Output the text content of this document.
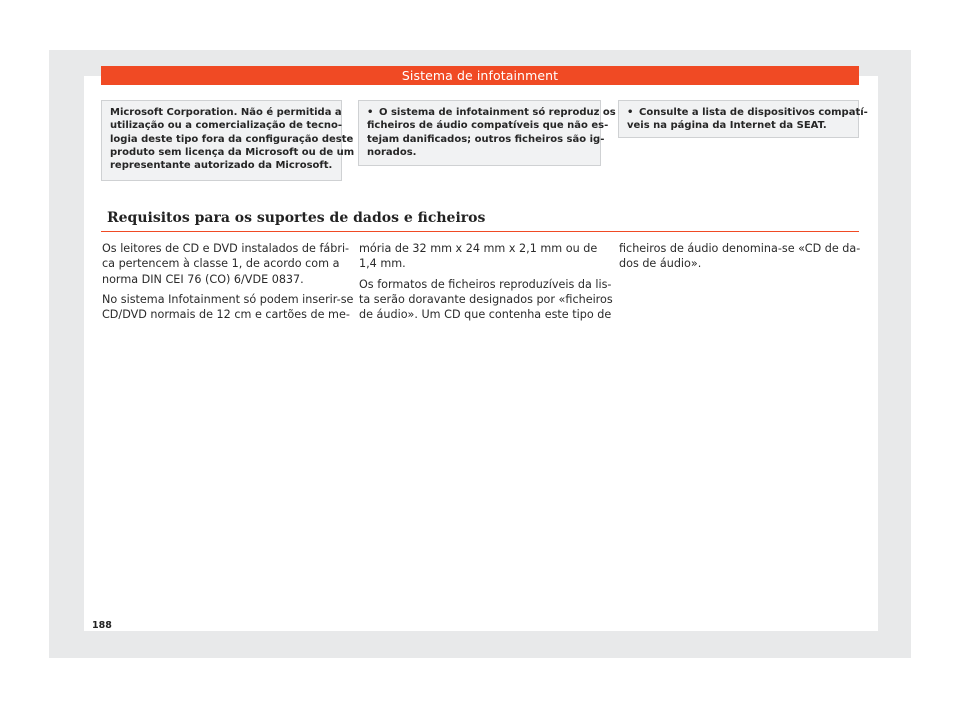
Sistema de infotainment
Microsoft Corporation. Não é permitida a
utilização ou a comercialização de tecno-
logia deste tipo fora da configuração deste
produto sem licença da Microsoft ou de um
representante autorizado da Microsoft.
• O sistema de infotainment só reproduz os
ficheiros de áudio compatíveis que não es-
tejam danificados; outros ficheiros são ig-
norados.
• Consulte a lista de dispositivos compatí-
veis na página da Internet da SEAT.
Requisitos para os suportes de dados e ficheiros

Os leitores de CD e DVD instalados de fábri-
ca pertencem à classe 1, de acordo com a
norma DIN CEI 76 (CO) 6/VDE 0837.

No sistema Infotainment só podem inserir-se
CD/DVD normais de 12 cm e cartões de me-

mória de 32 mm x 24 mm x 2,1 mm ou de
1,4 mm.

Os formatos de ficheiros reproduzíveis da lis-
ta serão doravante designados por «ficheiros
de áudio». Um CD que contenha este tipo de

ficheiros de áudio denomina-se «CD de da-
dos de áudio».

188
